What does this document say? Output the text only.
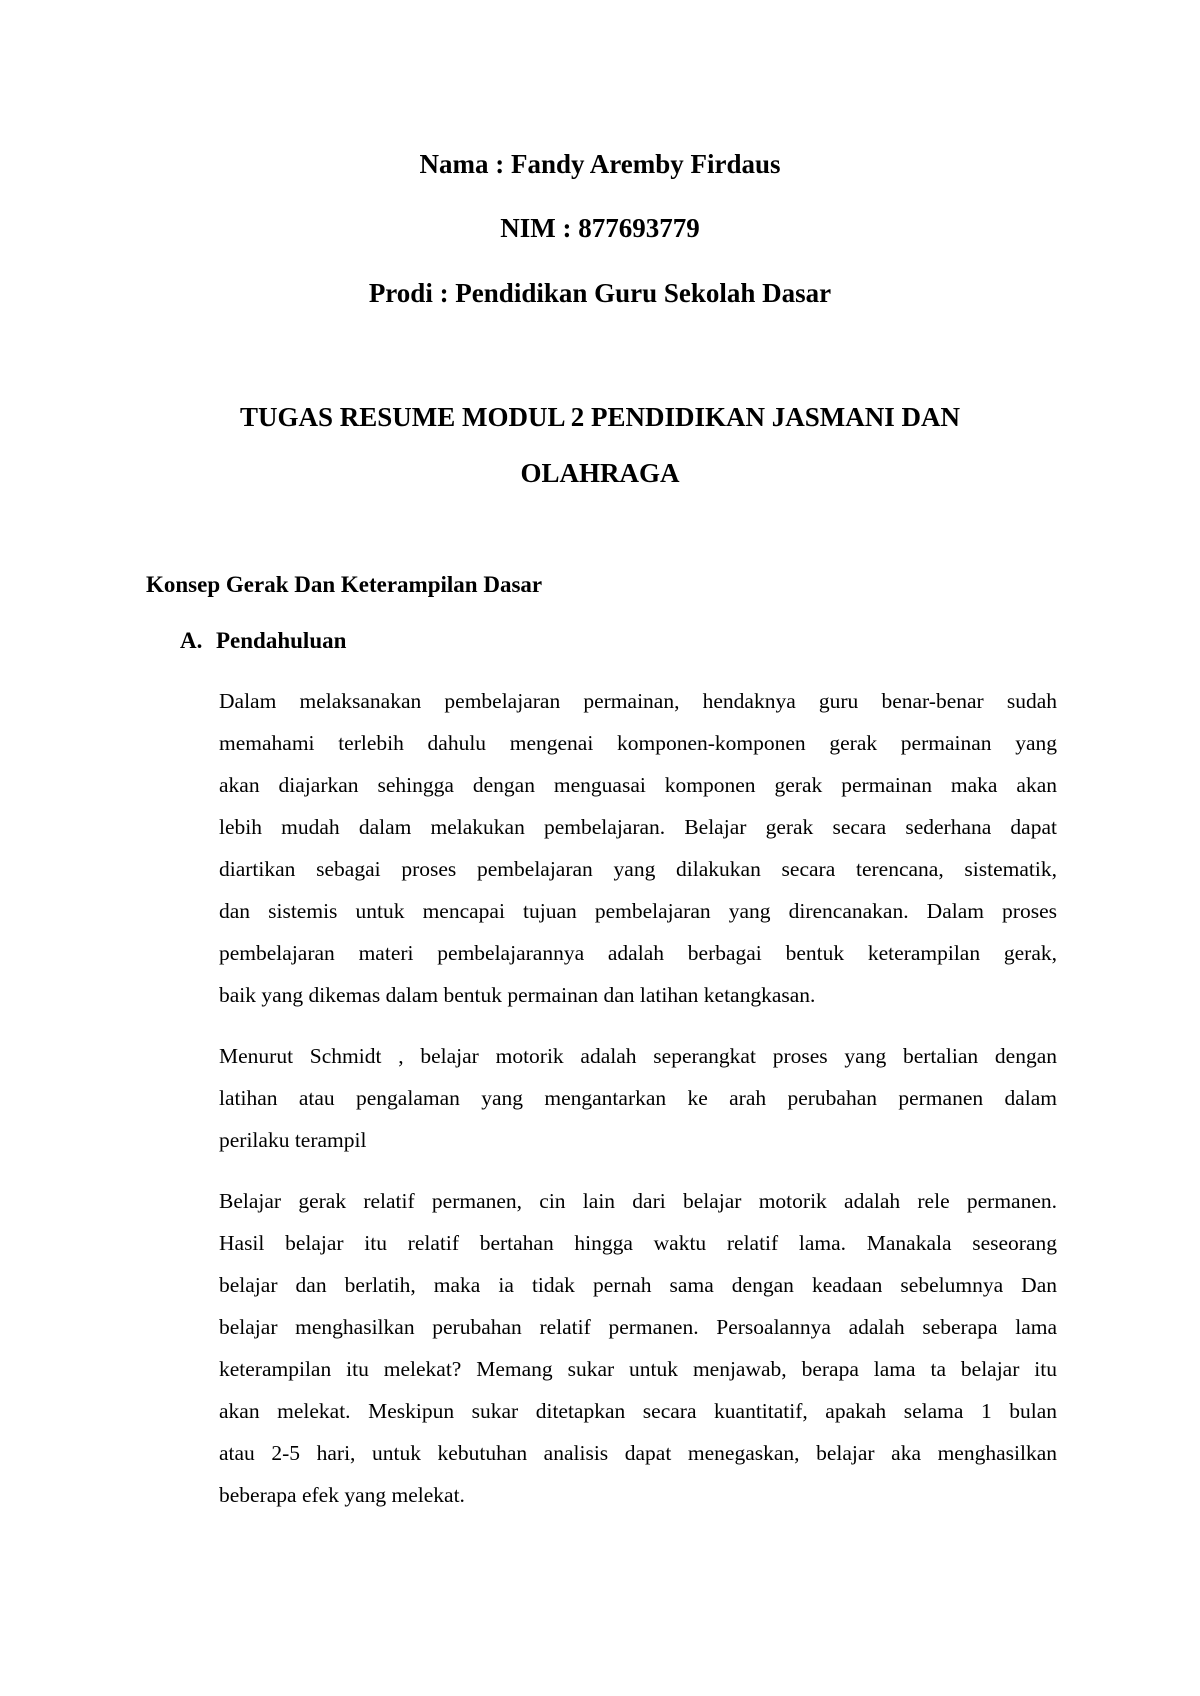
Nama : Fandy Aremby Firdaus
NIM : 877693779
Prodi : Pendidikan Guru Sekolah Dasar
TUGAS RESUME MODUL 2 PENDIDIKAN JASMANI DAN
OLAHRAGA
Konsep Gerak Dan Keterampilan Dasar
A. Pendahuluan
Dalam melaksanakan pembelajaran permainan, hendaknya guru benar-benar sudah
memahami terlebih dahulu mengenai komponen-komponen gerak permainan yang
akan diajarkan sehingga dengan menguasai komponen gerak permainan maka akan
lebih mudah dalam melakukan pembelajaran. Belajar gerak secara sederhana dapat
diartikan sebagai proses pembelajaran yang dilakukan secara terencana, sistematik,
dan sistemis untuk mencapai tujuan pembelajaran yang direncanakan. Dalam proses
pembelajaran materi pembelajarannya adalah berbagai bentuk keterampilan gerak,
baik yang dikemas dalam bentuk permainan dan latihan ketangkasan.
Menurut Schmidt , belajar motorik adalah seperangkat proses yang bertalian dengan
latihan atau pengalaman yang mengantarkan ke arah perubahan permanen dalam
perilaku terampil
Belajar gerak relatif permanen, cin lain dari belajar motorik adalah rele permanen.
Hasil belajar itu relatif bertahan hingga waktu relatif lama. Manakala seseorang
belajar dan berlatih, maka ia tidak pernah sama dengan keadaan sebelumnya Dan
belajar menghasilkan perubahan relatif permanen. Persoalannya adalah seberapa lama
keterampilan itu melekat? Memang sukar untuk menjawab, berapa lama ta belajar itu
akan melekat. Meskipun sukar ditetapkan secara kuantitatif, apakah selama 1 bulan
atau 2-5 hari, untuk kebutuhan analisis dapat menegaskan, belajar aka menghasilkan
beberapa efek yang melekat.
